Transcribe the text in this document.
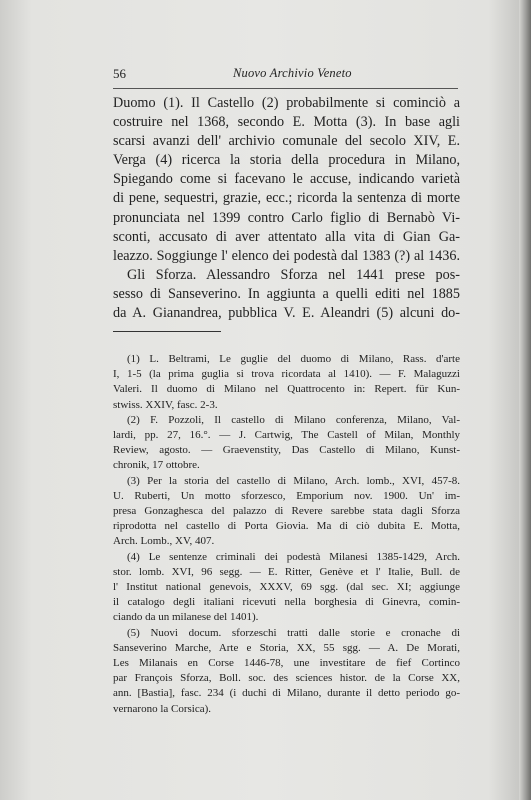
56	Nuovo Archivio Veneto
Duomo (1). Il Castello (2) probabilmente si cominciò a
costruire nel 1368, secondo E. Motta (3). In base agli
scarsi avanzi dell' archivio comunale del secolo XIV, E.
Verga (4) ricerca la storia della procedura in Milano,
Spiegando come si facevano le accuse, indicando varietà
di pene, sequestri, grazie, ecc.; ricorda la sentenza di morte
pronunciata nel 1399 contro Carlo figlio di Bernabò Vi-
sconti, accusato di aver attentato alla vita di Gian Ga-
leazzo. Soggiunge l' elenco dei podestà dal 1383 (?) al 1436.
Gli Sforza. Alessandro Sforza nel 1441 prese pos-
sesso di Sanseverino. In aggiunta a quelli editi nel 1885
da A. Gianandrea, pubblica V. E. Aleandri (5) alcuni do-
(1) L. Beltrami, Le guglie del duomo di Milano, Rass. d'arte
I, 1-5 (la prima guglia si trova ricordata al 1410). — F. Malaguzzi
Valeri. Il duomo di Milano nel Quattrocento in: Repert. für Kun-
stwiss. XXIV, fasc. 2-3.
(2) F. Pozzoli, Il castello di Milano conferenza, Milano, Val-
lardi, pp. 27, 16.°. — J. Cartwig, The Castell of Milan, Monthly
Review, agosto. — Graevenstity, Das Castello di Milano, Kunst-
chronik, 17 ottobre.
(3) Per la storia del castello di Milano, Arch. lomb., XVI, 457-8.
U. Ruberti, Un motto sforzesco, Emporium nov. 1900. Un' im-
presa Gonzaghesca del palazzo di Revere sarebbe stata dagli Sforza
riprodotta nel castello di Porta Giovia. Ma di ciò dubita E. Motta,
Arch. Lomb., XV, 407.
(4) Le sentenze criminali dei podestà Milanesi 1385-1429, Arch.
stor. lomb. XVI, 96 segg. — E. Ritter, Genève et l' Italie, Bull. de
l' Institut national genevois, XXXV, 69 sgg. (dal sec. XI; aggiunge
il catalogo degli italiani ricevuti nella borghesia di Ginevra, comin-
ciando da un milanese del 1401).
(5) Nuovi docum. sforzeschi tratti dalle storie e cronache di
Sanseverino Marche, Arte e Storia, XX, 55 sgg. — A. De Morati,
Les Milanais en Corse 1446-78, une investitare de fief Cortinco
par François Sforza, Boll. soc. des sciences histor. de la Corse XX,
ann. [Bastia], fasc. 234 (i duchi di Milano, durante il detto periodo go-
vernarono la Corsica).
